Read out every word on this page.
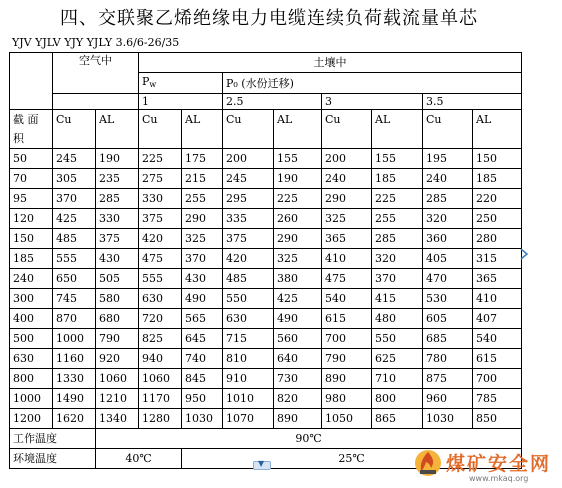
四、交联聚乙烯绝缘电力电缆连续负荷载流量单芯
YJV YJLV YJY YJLY 3.6/6-26/35
	空气中		土壤中							
			$P_w$		P₀ (水份迁移)					
			1		2.5		3		3.5	
截 面 积	Cu	AL	Cu	AL	Cu	AL	Cu	AL	Cu	AL
50	245	190	225	175	200	155	200	155	195	150
70	305	235	275	215	245	190	240	185	240	185
95	370	285	330	255	295	225	290	225	285	220
120	425	330	375	290	335	260	325	255	320	250
150	485	375	420	325	375	290	365	285	360	280
185	555	430	475	370	420	325	410	320	405	315
240	650	505	555	430	485	380	475	370	470	365
300	745	580	630	490	550	425	540	415	530	410
400	870	680	720	565	630	490	615	480	605	407
500	1000	790	825	645	715	560	700	550	685	540
630	1160	920	940	740	810	640	790	625	780	615
800	1330	1060	1060	845	910	730	890	710	875	700
1000	1490	1210	1170	950	1010	820	980	800	960	785
1200	1620	1340	1280	1030	1070	890	1050	865	1030	850
工作温度		90℃								
环境温度		40℃		25℃						
▼	煤矿安全网
www.mkaq.org
